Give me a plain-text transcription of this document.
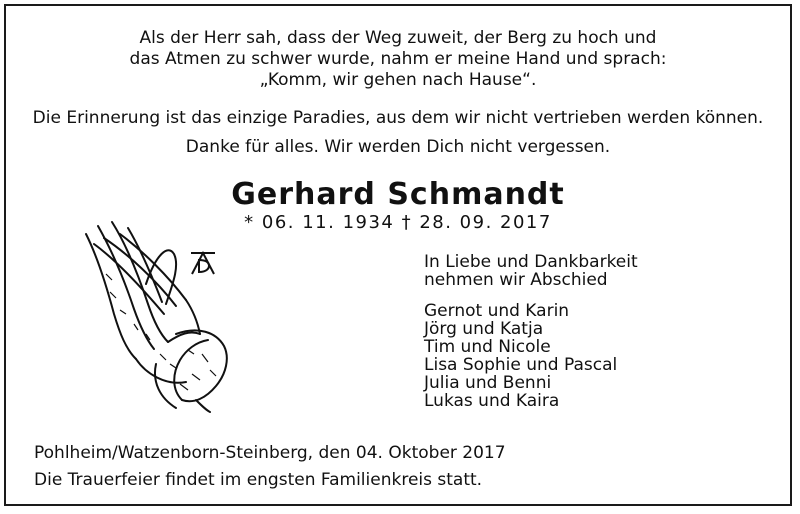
Als der Herr sah, dass der Weg zuweit, der Berg zu hoch und
das Atmen zu schwer wurde, nahm er meine Hand und sprach:
„Komm, wir gehen nach Hause“.
Die Erinnerung ist das einzige Paradies, aus dem wir nicht vertrieben werden können.
Danke für alles. Wir werden Dich nicht vergessen.
Gerhard Schmandt
* 06. 11. 1934 † 28. 09. 2017
In Liebe und Dankbarkeit
nehmen wir Abschied
Gernot und Karin
Jörg und Katja
Tim und Nicole
Lisa Sophie und Pascal
Julia und Benni
Lukas und Kaira
Pohlheim/Watzenborn-Steinberg, den 04. Oktober 2017
Die Trauerfeier findet im engsten Familienkreis statt.
